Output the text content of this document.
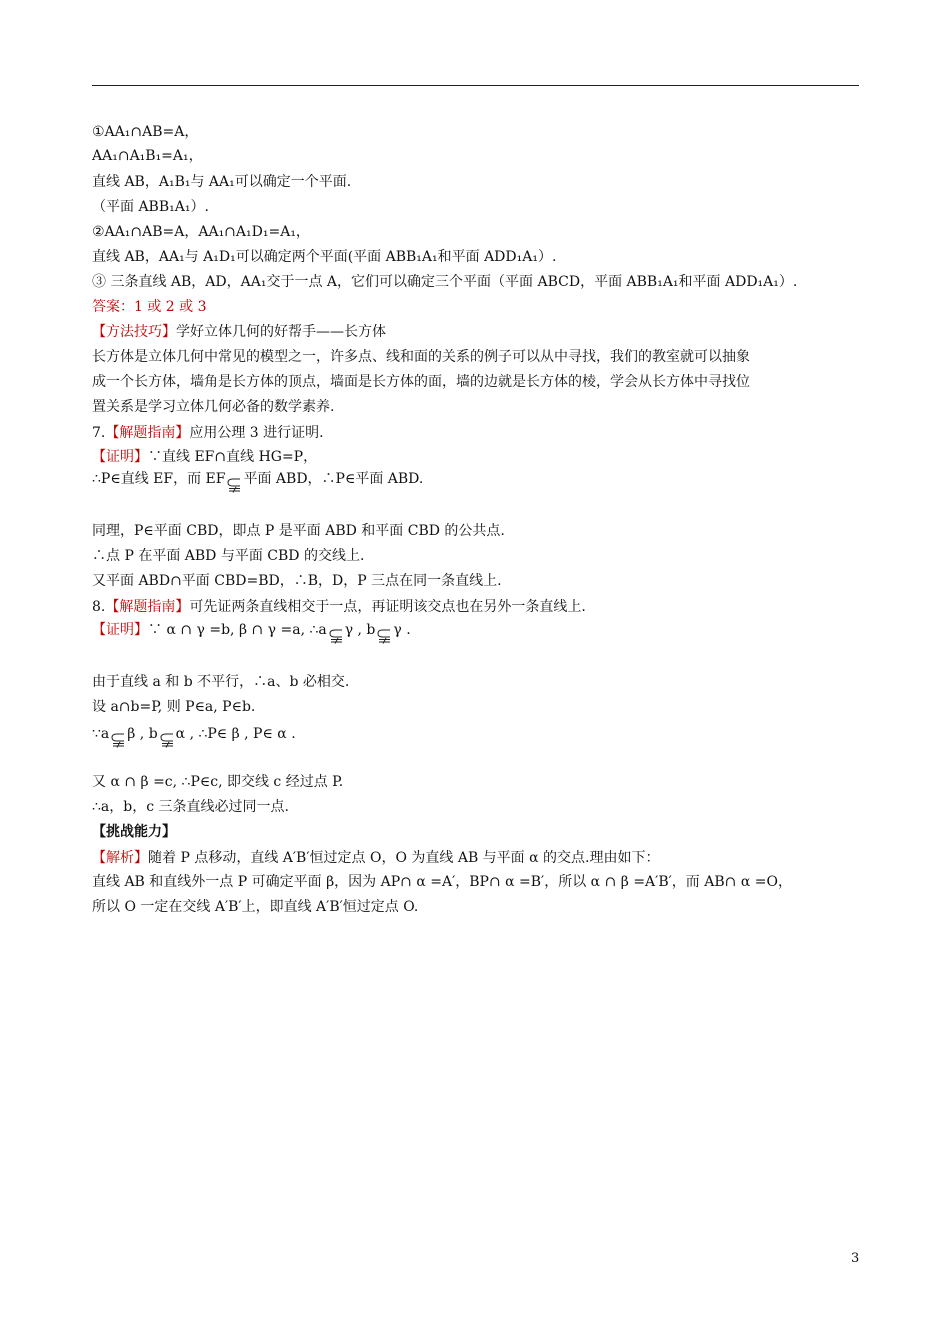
①AA₁∩AB=A，
AA₁∩A₁B₁=A₁，
直线 AB，A₁B₁与 AA₁可以确定一个平面.
（平面 ABB₁A₁）.
②AA₁∩AB=A，AA₁∩A₁D₁=A₁，
直线 AB，AA₁与 A₁D₁可以确定两个平面(平面 ABB₁A₁和平面 ADD₁A₁）.
③ 三条直线 AB，AD，AA₁交于一点 A，它们可以确定三个平面（平面 ABCD，平面 ABB₁A₁和平面 ADD₁A₁）.
答案：1 或 2 或 3
【方法技巧】学好立体几何的好帮手——长方体
长方体是立体几何中常见的模型之一，许多点、线和面的关系的例子可以从中寻找，我们的教室就可以抽象
成一个长方体，墙角是长方体的顶点，墙面是长方体的面，墙的边就是长方体的棱，学会从长方体中寻找位
置关系是学习立体几何必备的数学素养.
7.【解题指南】应用公理 3 进行证明.
【证明】∵直线 EF∩直线 HG=P，
∴P∈直线 EF，而 EF 平面 ABD，∴P∈平面 ABD.
同理，P∈平面 CBD，即点 P 是平面 ABD 和平面 CBD 的公共点.
∴点 P 在平面 ABD 与平面 CBD 的交线上.
又平面 ABD∩平面 CBD=BD，∴B，D，P 三点在同一条直线上.
8.【解题指南】可先证两条直线相交于一点，再证明该交点也在另外一条直线上.
【证明】∵ α ∩ γ =b, β ∩ γ =a, ∴a γ , b γ .
由于直线 a 和 b 不平行，∴a、b 必相交.
设 a∩b=P, 则 P∈a, P∈b.
∵a β , b α , ∴P∈ β , P∈ α .
又 α ∩ β =c, ∴P∈c, 即交线 c 经过点 P.
∴a，b，c 三条直线必过同一点.
【挑战能力】
【解析】随着 P 点移动，直线 A′B′恒过定点 O，O 为直线 AB 与平面 α 的交点.理由如下：
直线 AB 和直线外一点 P 可确定平面 β，因为 AP∩ α =A′，BP∩ α =B′，所以 α ∩ β =A′B′，而 AB∩ α =O，
所以 O 一定在交线 A′B′上，即直线 A′B′恒过定点 O.
3
